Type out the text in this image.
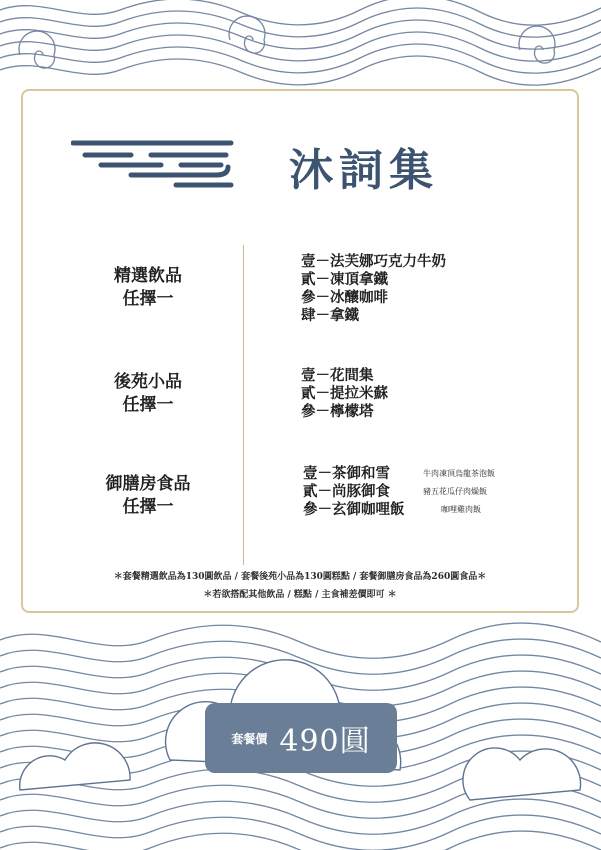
沐詞集
精選飲品
任擇一
壹－法芙娜巧克力牛奶
貳－凍頂拿鐵
參－冰釀咖啡
肆－拿鐵
後苑小品
任擇一
壹－花間集
貳－提拉米蘇
參－檸檬塔
御膳房食品
任擇一
壹－茶御和雪	牛肉凍頂烏龍茶泡飯
貳－尚豚御食	豬五花瓜仔肉燥飯
參－玄御咖哩飯	咖哩雞肉飯
＊套餐精選飲品為130圓飲品 / 套餐後苑小品為130圓糕點 / 套餐御膳房食品為260圓食品＊
＊若欲搭配其他飲品 / 糕點 / 主食補差價即可 ＊
套餐價 490圓
